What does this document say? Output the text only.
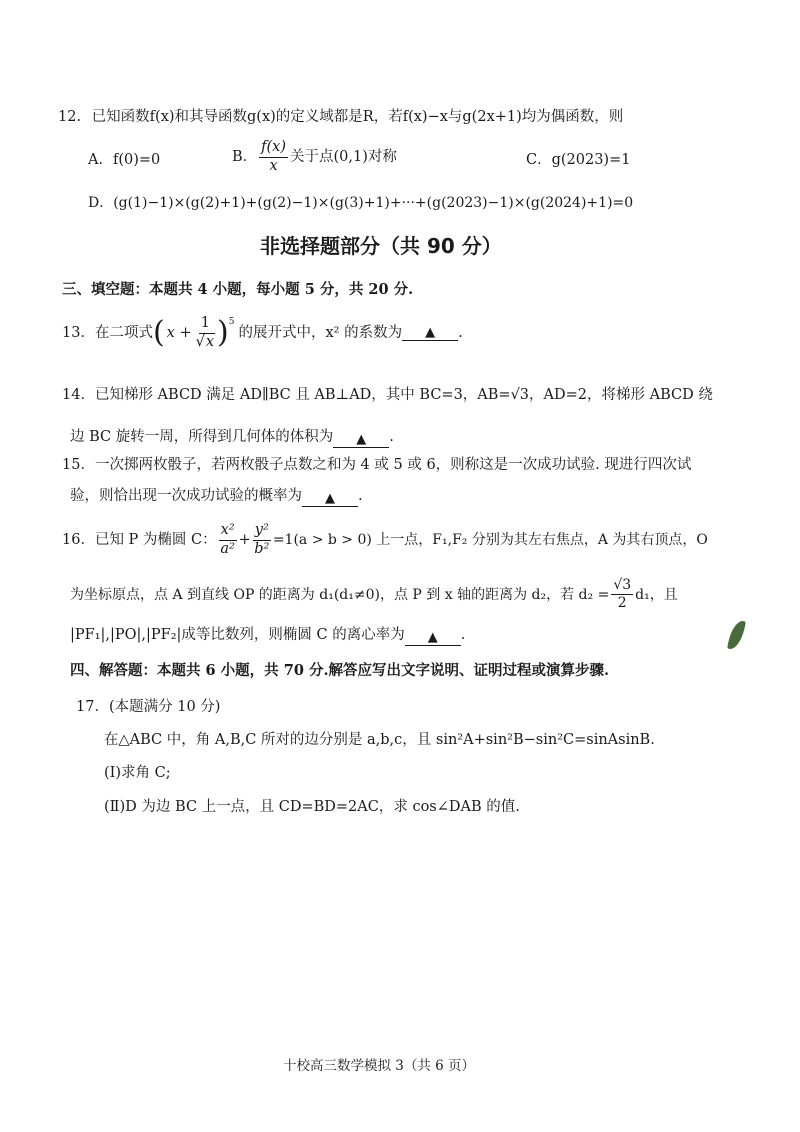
12. 已知函数f(x)和其导函数g(x)的定义域都是R，若f(x)−x与g(2x+1)均为偶函数，则
A．f(0)=0	B． $\frac{f(x)}{x}$ 关于点(0,1)对称	C．g(2023)=1
D．(g(1)−1)×(g(2)+1)+(g(2)−1)×(g(3)+1)+···+(g(2023)−1)×(g(2024)+1)=0
非选择题部分（共 90 分）
三、填空题：本题共 4 小题，每小题 5 分，共 20 分.
13．在二项式 ( $x + \frac{1}{√x}$ ) 5
的展开式中，x² 的系数为	▲	.
14．已知梯形 ABCD 满足 AD∥BC 且 AB⊥AD，其中 BC=3，AB=√3，AD=2，将梯形 ABCD 绕
边 BC 旋转一周，所得到几何体的体积为 ▲ .
15．一次掷两枚骰子，若两枚骰子点数之和为 4 或 5 或 6，则称这是一次成功试验. 现进行四次试
验，则恰出现一次成功试验的概率为 ▲ .
16．已知 P 为椭圆 C： $\frac{\text{x²}}{\text{a²}} + \frac{\text{y²}}{\text{b²}} =1(a > b > 0)$ 上一点，F₁,F₂ 分别为其左右焦点，A 为其右顶点，O
为坐标原点，点 A 到直线 OP 的距离为 d₁(d₁≠0)，点 P 到 x 轴的距离为 d₂，若 $d_2 = \frac{√3}{2} d_1$，且
|PF₁|,|PO|,|PF₂|成等比数列，则椭圆 C 的离心率为 ▲ .
四、解答题：本题共 6 小题，共 70 分.解答应写出文字说明、证明过程或演算步骤.
17．(本题满分 10 分)
在△ABC 中，角 A,B,C 所对的边分别是 a,b,c，且 sin²A+sin²B−sin²C=sinAsinB.
(Ⅰ)求角 C;
(Ⅱ)D 为边 BC 上一点，且 CD=BD=2AC，求 cos∠DAB 的值.
十校高三数学模拟 3（共 6 页）
